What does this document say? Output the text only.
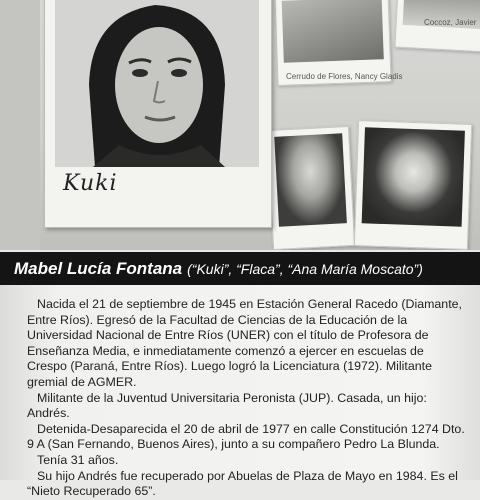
Cerrudo de Flores, Nancy Gladis
Coccoz, Javier
Kuki
Mabel Lucía Fontana (“Kuki”, “Flaca”, “Ana María Moscato”)

Nacida el 21 de septiembre de 1945 en Estación General Racedo (Diamante, Entre Ríos). Egresó de la Facultad de Ciencias de la Educación de la Universidad Nacional de Entre Ríos (UNER) con el título de Profesora de Enseñanza Media, e inmediatamente comenzó a ejercer en escuelas de Crespo (Paraná, Entre Ríos). Luego logró la Licenciatura (1972). Militante gremial de AGMER.

Militante de la Juventud Universitaria Peronista (JUP). Casada, un hijo: Andrés.

Detenida-Desaparecida el 20 de abril de 1977 en calle Constitución 1274 Dto. 9 A (San Fernando, Buenos Aires), junto a su compañero Pedro La Blunda.

Tenía 31 años.

Su hijo Andrés fue recuperado por Abuelas de Plaza de Mayo en 1984. Es el “Nieto Recuperado 65”.
